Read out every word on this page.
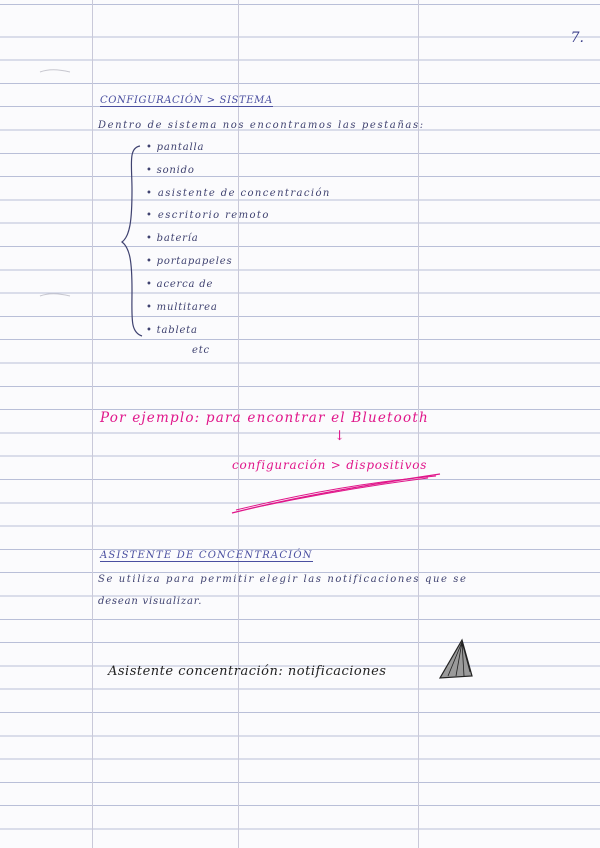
7.
CONFIGURACIÓN > SISTEMA
Dentro de sistema nos encontramos las pestañas:
• pantalla
• sonido
• asistente de concentración
• escritorio remoto
• batería
• portapapeles
• acerca de
• multitarea
• tableta
etc
Por ejemplo: para encontrar el Bluetooth
↓
configuración > dispositivos
ASISTENTE DE CONCENTRACIÓN
Se utiliza para permitir elegir las notificaciones que se
desean visualizar.
Asistente concentración: notificaciones
